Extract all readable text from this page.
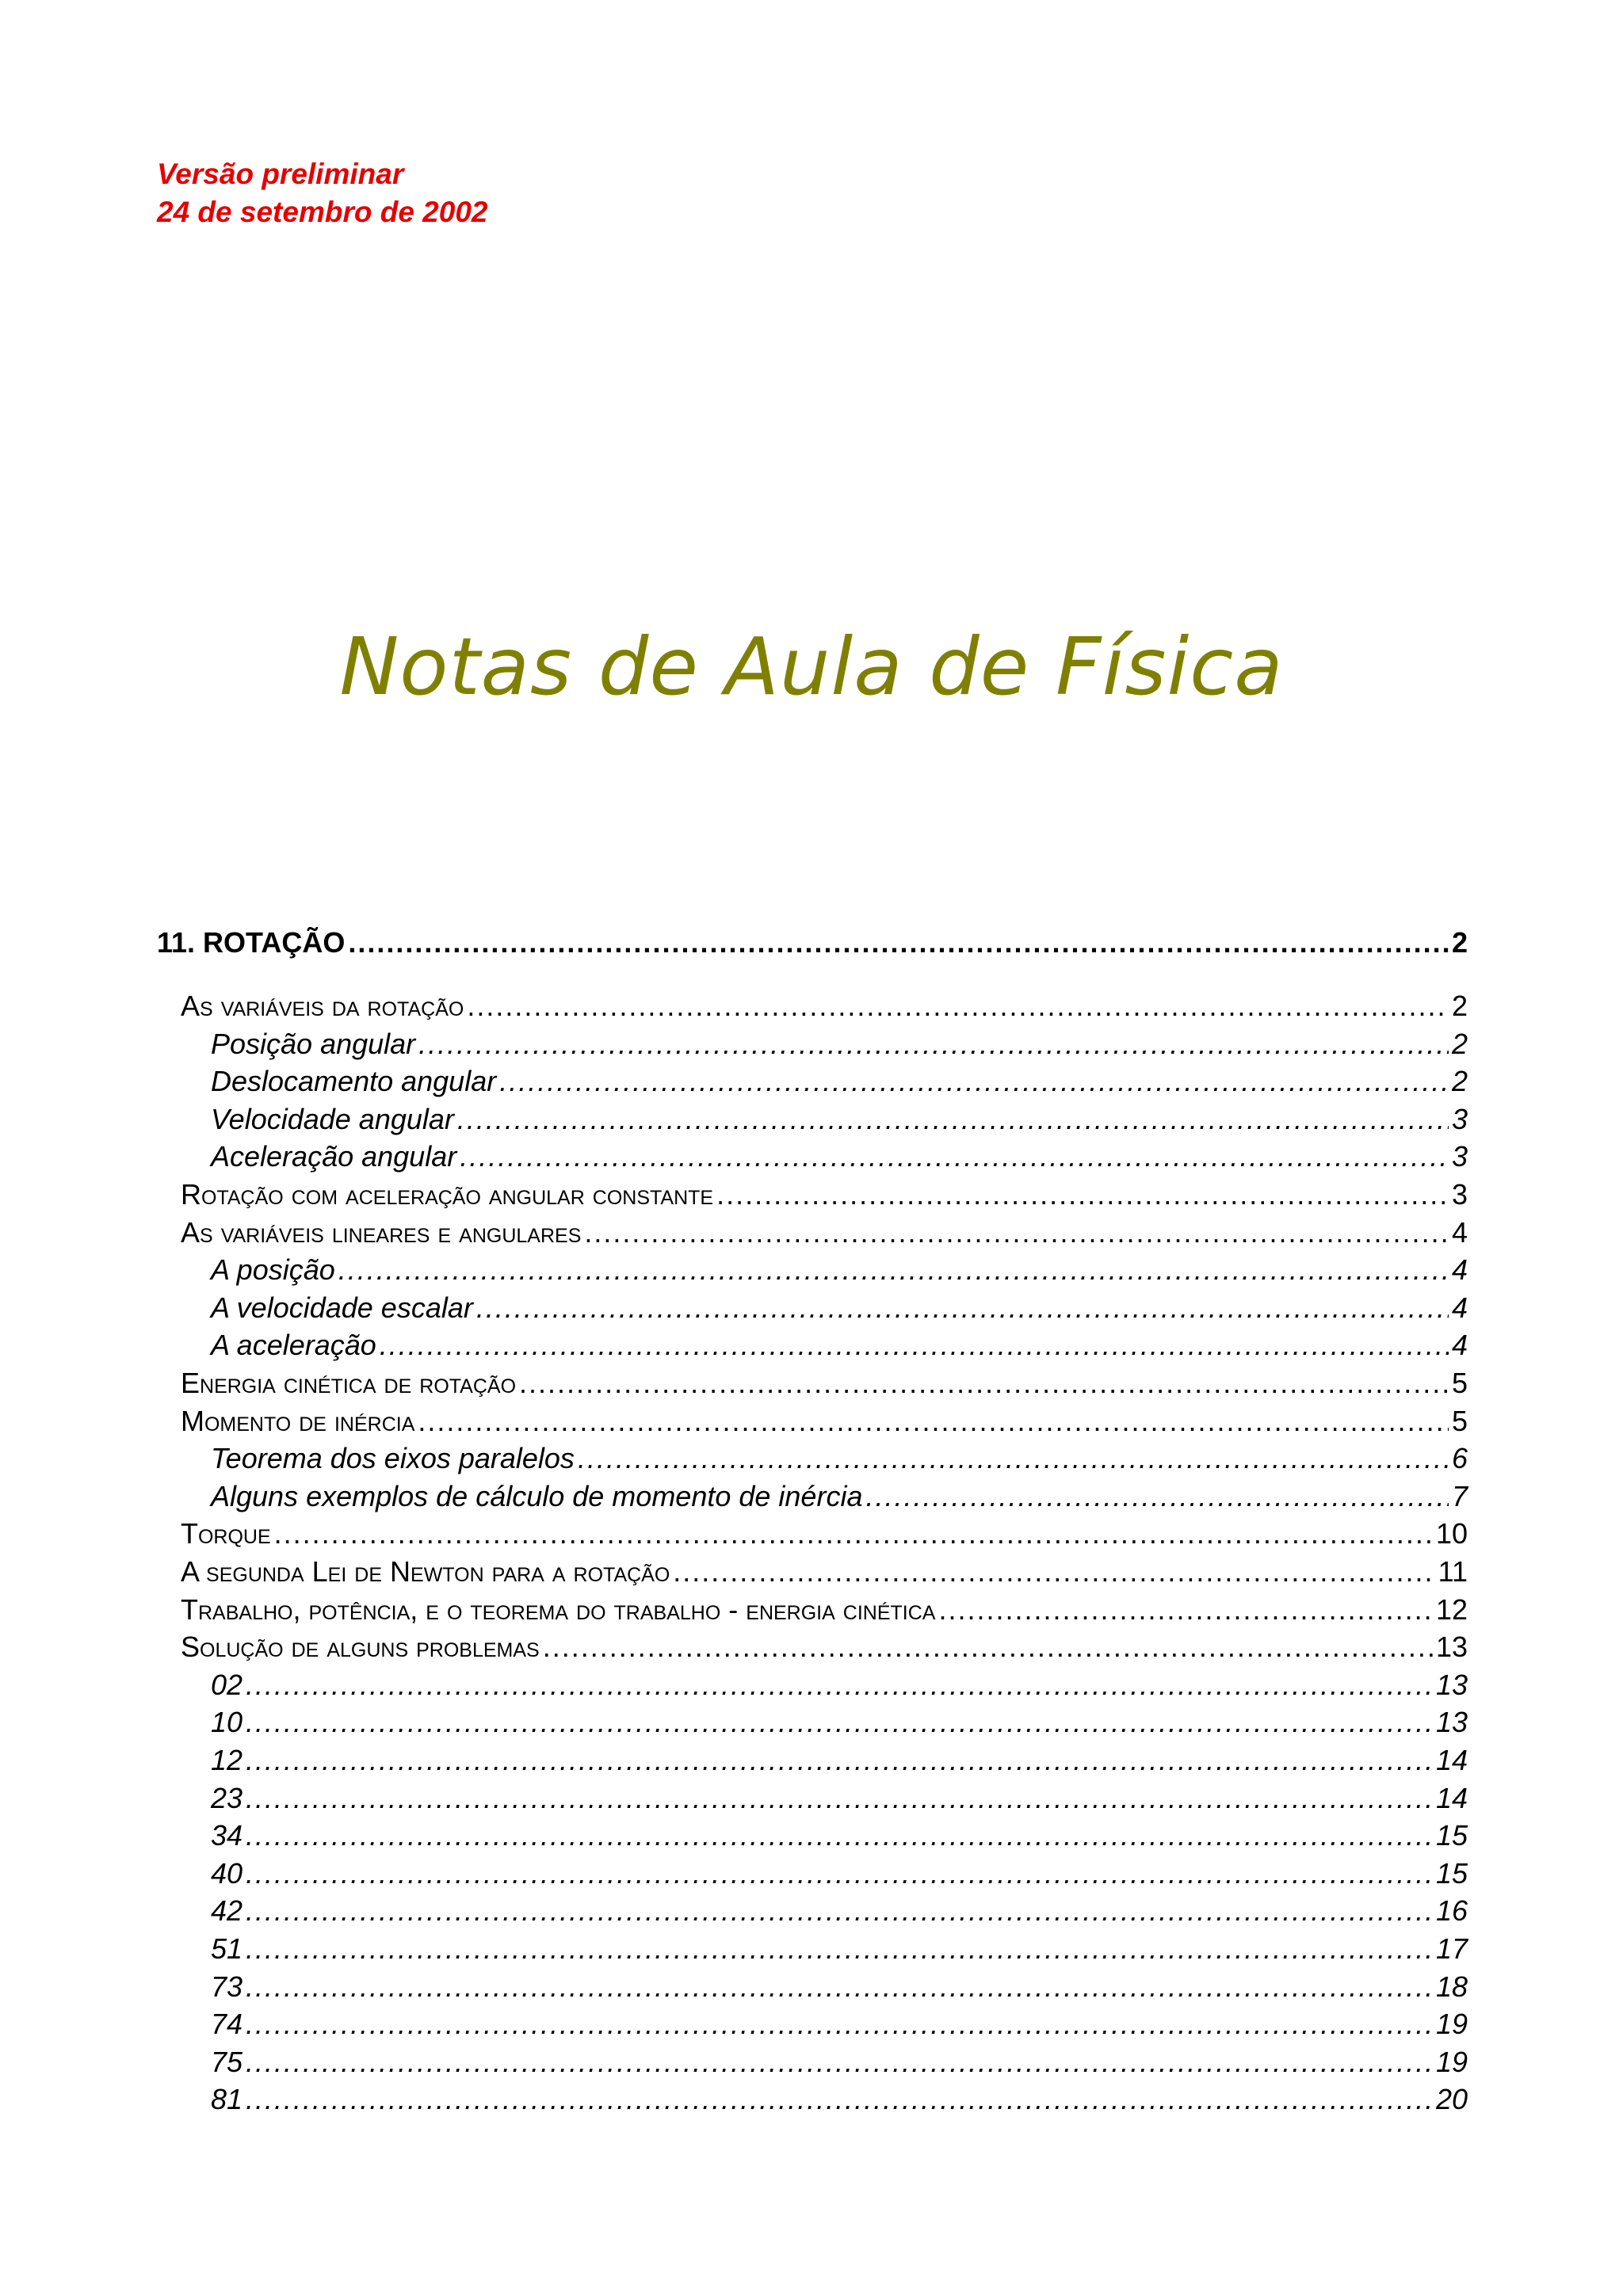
Versão preliminar
24 de setembro de 2002
Notas de Aula de Física
11. ROTAÇÃO .....	2
As variáveis da rotação .....	2
Posição angular .....	2
Deslocamento angular .....	2
Velocidade angular .....	3
Aceleração angular .....	3
Rotação com aceleração angular constante .....	3
As variáveis lineares e angulares .....	4
A posição .....	4
A velocidade escalar .....	4
A aceleração .....	4
Energia cinética de rotação .....	5
Momento de inércia .....	5
Teorema dos eixos paralelos .....	6
Alguns exemplos de cálculo de momento de inércia .....	7
Torque .....	10
A segunda Lei de Newton para a rotação .....	11
Trabalho, potência, e o teorema do trabalho - energia cinética .....	12
Solução de alguns problemas .....	13
02 .....	13
10 .....	13
12 .....	14
23 .....	14
34 .....	15
40 .....	15
42 .....	16
51 .....	17
73 .....	18
74 .....	19
75 .....	19
81 .....	20
